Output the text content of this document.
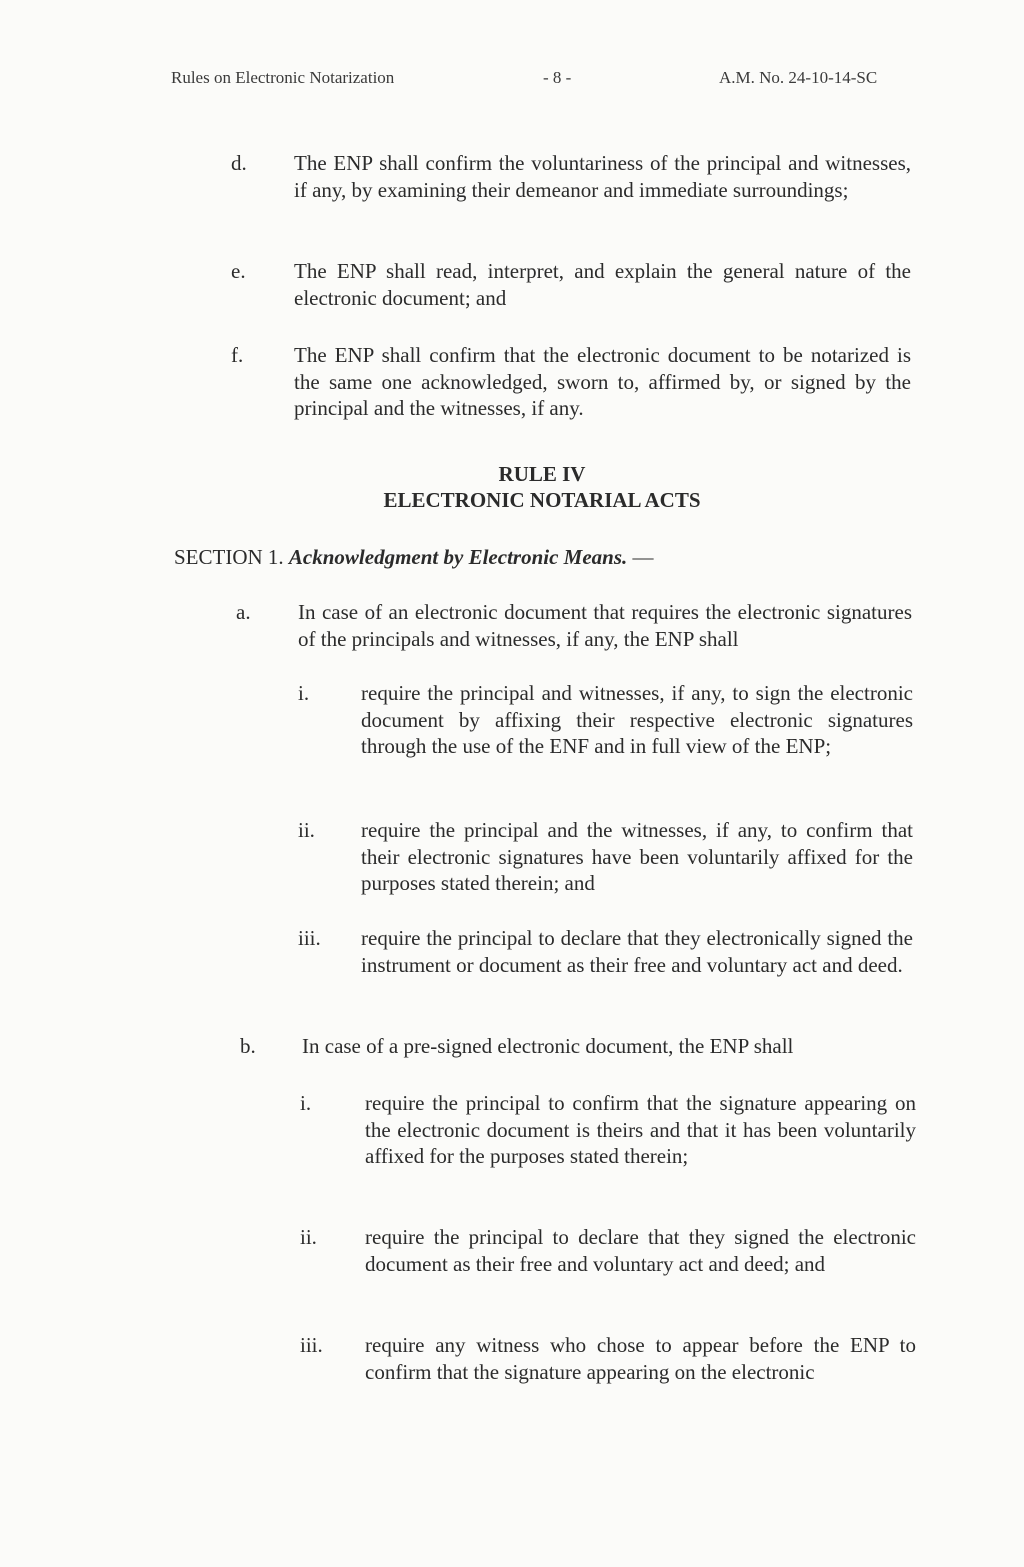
Rules on Electronic Notarization	- 8 -	A.M. No. 24-10-14-SC
d. The ENP shall confirm the voluntariness of the principal and witnesses, if any, by examining their demeanor and immediate surroundings;
e. The ENP shall read, interpret, and explain the general nature of the electronic document; and
f. The ENP shall confirm that the electronic document to be notarized is the same one acknowledged, sworn to, affirmed by, or signed by the principal and the witnesses, if any.
RULE IV
ELECTRONIC NOTARIAL ACTS
SECTION 1. Acknowledgment by Electronic Means. —
a. In case of an electronic document that requires the electronic signatures of the principals and witnesses, if any, the ENP shall
i. require the principal and witnesses, if any, to sign the electronic document by affixing their respective electronic signatures through the use of the ENF and in full view of the ENP;
ii. require the principal and the witnesses, if any, to confirm that their electronic signatures have been voluntarily affixed for the purposes stated therein; and
iii. require the principal to declare that they electronically signed the instrument or document as their free and voluntary act and deed.
b. In case of a pre-signed electronic document, the ENP shall
i.	require the principal to confirm that the signature appearing on the electronic document is theirs and that it has been voluntarily affixed for the purposes stated therein;
ii. require the principal to declare that they signed the electronic document as their free and voluntary act and deed; and
iii. require any witness who chose to appear before the ENP to confirm that the signature appearing on the electronic
